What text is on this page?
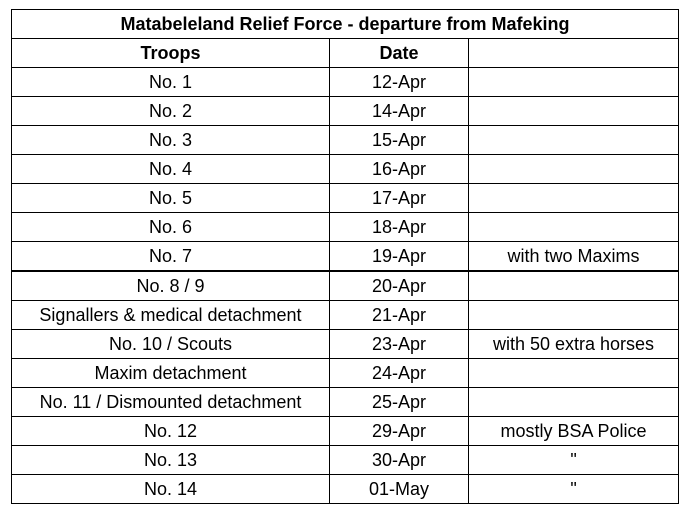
Matabeleland Relief Force - departure from Mafeking		
Troops	Date	
No. 1	12-Apr	
No. 2	14-Apr	
No. 3	15-Apr	
No. 4	16-Apr	
No. 5	17-Apr	
No. 6	18-Apr	
No. 7	19-Apr	with two Maxims
No. 8 / 9	20-Apr	
Signallers & medical detachment	21-Apr	
No. 10 / Scouts	23-Apr	with 50 extra horses
Maxim detachment	24-Apr	
No. 11 / Dismounted detachment	25-Apr	
No. 12	29-Apr	mostly BSA Police
No. 13	30-Apr	"
No. 14	01-May	"
